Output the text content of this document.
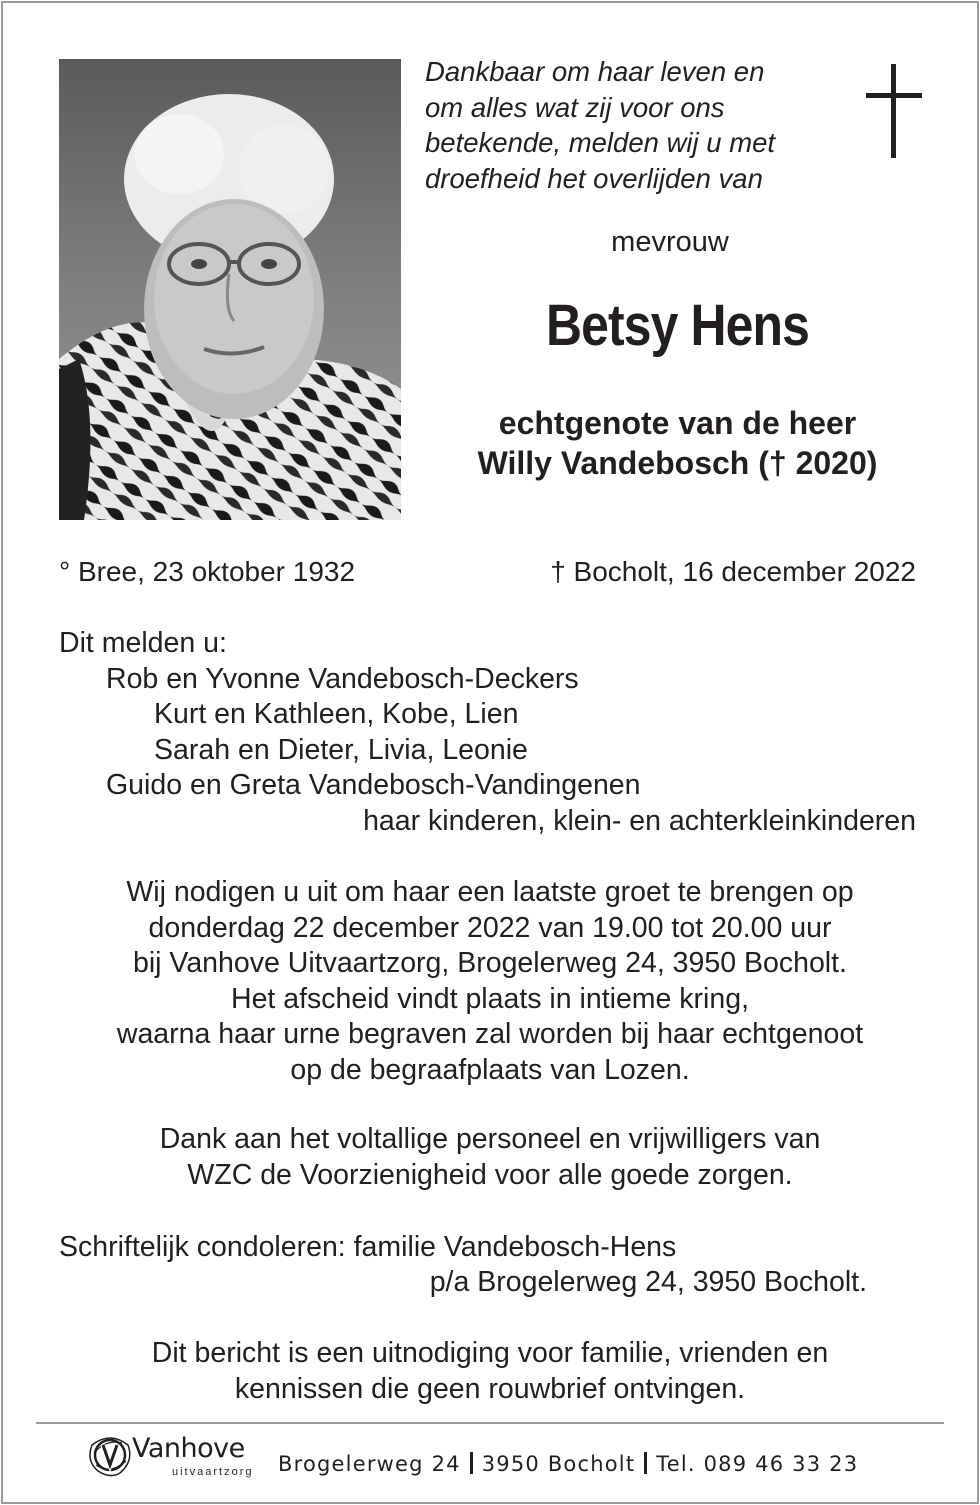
Dankbaar om haar leven en
om alles wat zij voor ons
betekende, melden wij u met
droefheid het overlijden van
mevrouw
Betsy Hens
echtgenote van de heer
Willy Vandebosch († 2020)
° Bree, 23 oktober 1932	† Bocholt, 16 december 2022
Dit melden u:
Rob en Yvonne Vandebosch-Deckers
Kurt en Kathleen, Kobe, Lien
Sarah en Dieter, Livia, Leonie
Guido en Greta Vandebosch-Vandingenen
haar kinderen, klein- en achterkleinkinderen
Wij nodigen u uit om haar een laatste groet te brengen op
donderdag 22 december 2022 van 19.00 tot 20.00 uur
bij Vanhove Uitvaartzorg, Brogelerweg 24, 3950 Bocholt.
Het afscheid vindt plaats in intieme kring,
waarna haar urne begraven zal worden bij haar echtgenoot
op de begraafplaats van Lozen.
Dank aan het voltallige personeel en vrijwilligers van
WZC de Voorzienigheid voor alle goede zorgen.
Schriftelijk condoleren: familie Vandebosch-Hens
p/a Brogelerweg 24, 3950 Bocholt.
Dit bericht is een uitnodiging voor familie, vrienden en
kennissen die geen rouwbrief ontvingen.
Vanhove
uitvaartzorg Brogelerweg 24 3950 Bocholt Tel. 089 46 33 23
